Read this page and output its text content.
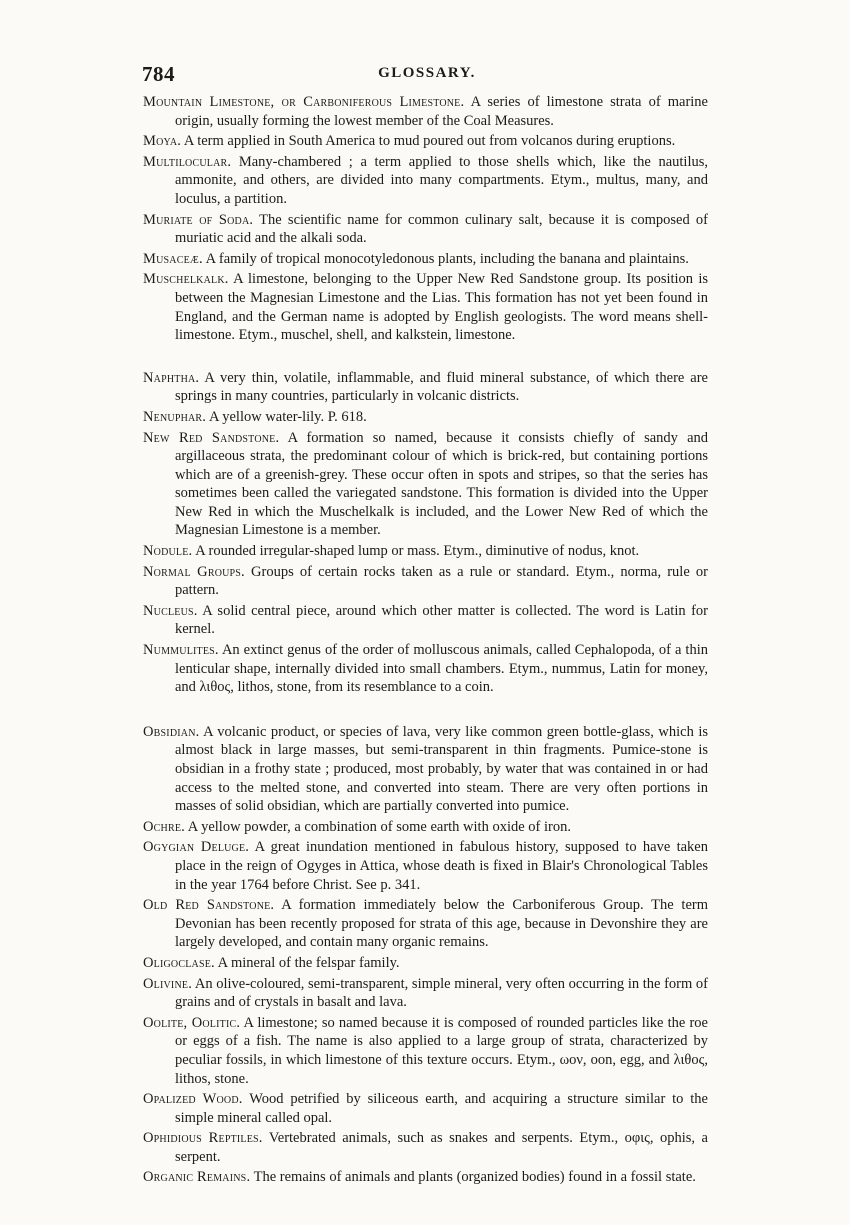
784	GLOSSARY.

Mountain Limestone, or Carboniferous Limestone. A series of limestone strata of marine origin, usually forming the lowest member of the Coal Measures.

Moya. A term applied in South America to mud poured out from volcanos during eruptions.

Multilocular. Many-chambered ; a term applied to those shells which, like the nautilus, ammonite, and others, are divided into many compartments. Etym., multus, many, and loculus, a partition.

Muriate of Soda. The scientific name for common culinary salt, because it is composed of muriatic acid and the alkali soda.

Musaceæ. A family of tropical monocotyledonous plants, including the banana and plaintains.

Muschelkalk. A limestone, belonging to the Upper New Red Sandstone group. Its position is between the Magnesian Limestone and the Lias. This formation has not yet been found in England, and the German name is adopted by English geologists. The word means shell-limestone. Etym., muschel, shell, and kalkstein, limestone.

Naphtha. A very thin, volatile, inflammable, and fluid mineral substance, of which there are springs in many countries, particularly in volcanic districts.

Nenuphar. A yellow water-lily. P. 618.

New Red Sandstone. A formation so named, because it consists chiefly of sandy and argillaceous strata, the predominant colour of which is brick-red, but containing portions which are of a greenish-grey. These occur often in spots and stripes, so that the series has sometimes been called the variegated sandstone. This formation is divided into the Upper New Red in which the Muschelkalk is included, and the Lower New Red of which the Magnesian Limestone is a member.

Nodule. A rounded irregular-shaped lump or mass. Etym., diminutive of nodus, knot.

Normal Groups. Groups of certain rocks taken as a rule or standard. Etym., norma, rule or pattern.

Nucleus. A solid central piece, around which other matter is collected. The word is Latin for kernel.

Nummulites. An extinct genus of the order of molluscous animals, called Cephalopoda, of a thin lenticular shape, internally divided into small chambers. Etym., nummus, Latin for money, and λιθος, lithos, stone, from its resemblance to a coin.

Obsidian. A volcanic product, or species of lava, very like common green bottle-glass, which is almost black in large masses, but semi-transparent in thin fragments. Pumice-stone is obsidian in a frothy state ; produced, most probably, by water that was contained in or had access to the melted stone, and converted into steam. There are very often portions in masses of solid obsidian, which are partially converted into pumice.

Ochre. A yellow powder, a combination of some earth with oxide of iron.

Ogygian Deluge. A great inundation mentioned in fabulous history, supposed to have taken place in the reign of Ogyges in Attica, whose death is fixed in Blair's Chronological Tables in the year 1764 before Christ. See p. 341.

Old Red Sandstone. A formation immediately below the Carboniferous Group. The term Devonian has been recently proposed for strata of this age, because in Devonshire they are largely developed, and contain many organic remains.

Oligoclase. A mineral of the felspar family.

Olivine. An olive-coloured, semi-transparent, simple mineral, very often occurring in the form of grains and of crystals in basalt and lava.

Oolite, Oolitic. A limestone; so named because it is composed of rounded particles like the roe or eggs of a fish. The name is also applied to a large group of strata, characterized by peculiar fossils, in which limestone of this texture occurs. Etym., ωον, oon, egg, and λιθος, lithos, stone.

Opalized Wood. Wood petrified by siliceous earth, and acquiring a structure similar to the simple mineral called opal.

Ophidious Reptiles. Vertebrated animals, such as snakes and serpents. Etym., οφις, ophis, a serpent.

Organic Remains. The remains of animals and plants (organized bodies) found in a fossil state.
